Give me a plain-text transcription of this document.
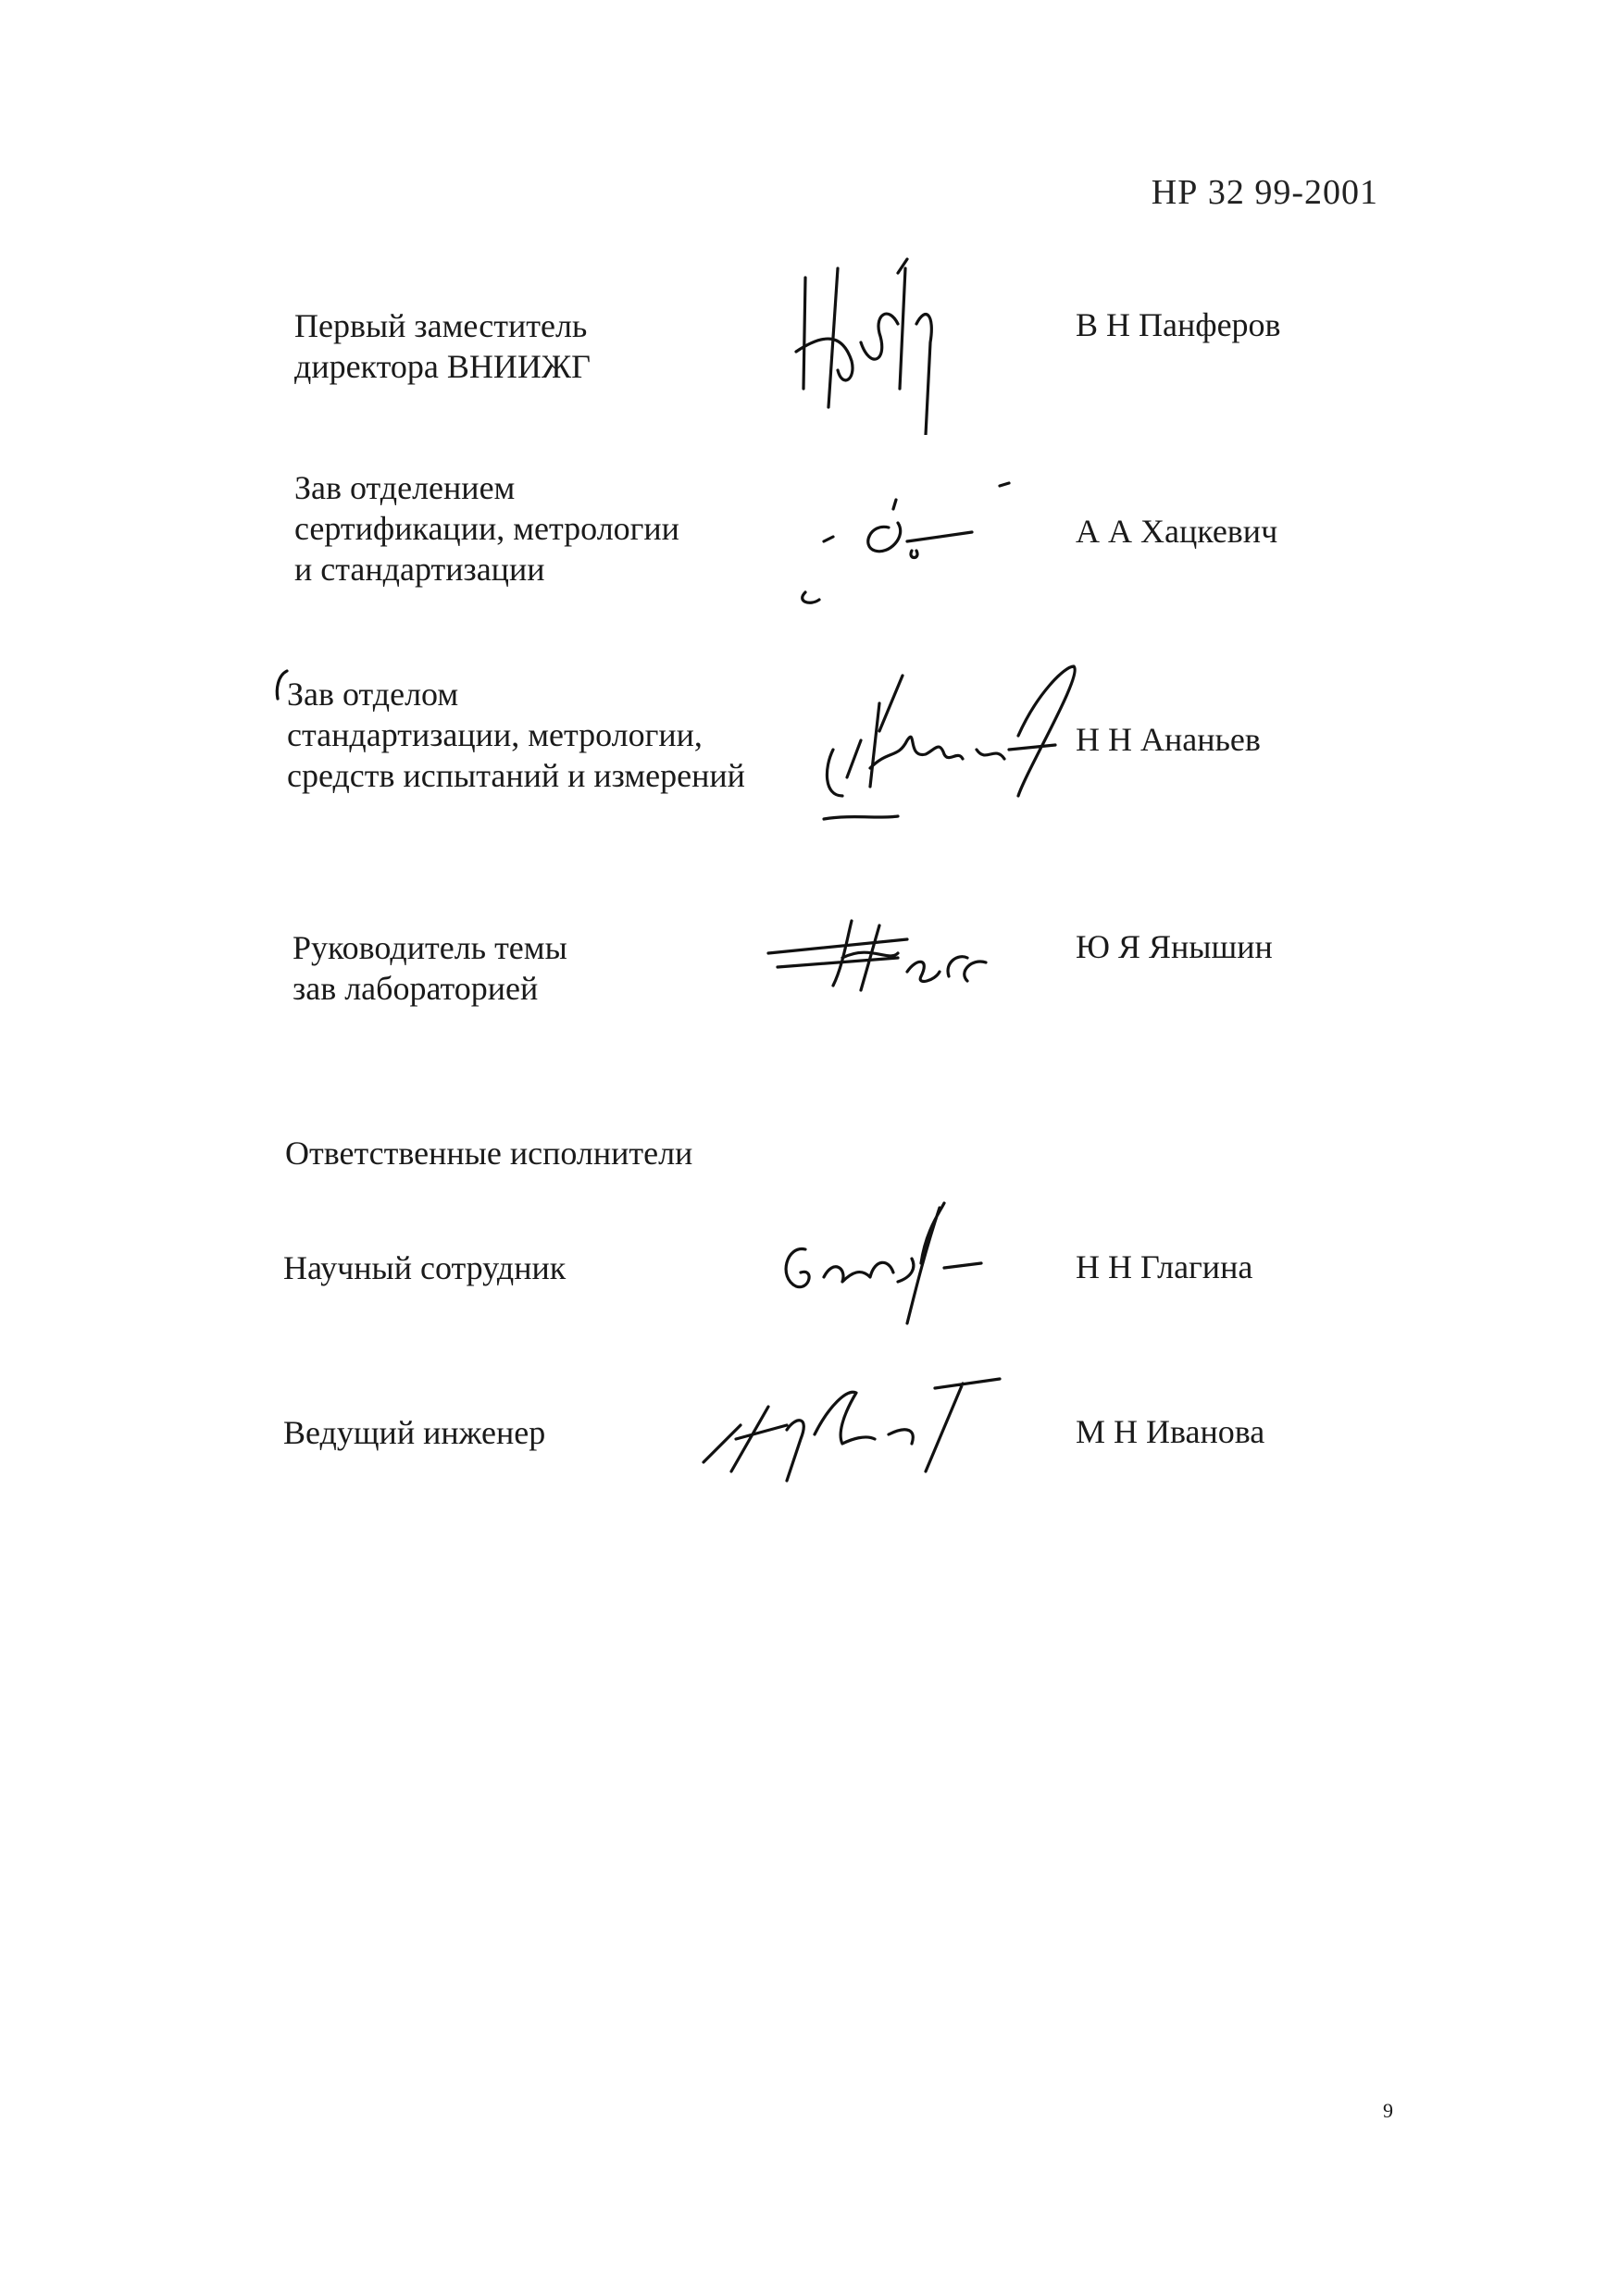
НР 32 99-2001
Первый заместитель
директора ВНИИЖГ
В Н Панферов
Зав отделением
сертификации, метрологии
и стандартизации
А А Хацкевич
Зав отделом
стандартизации, метрологии,
средств испытаний и измерений
Н Н Ананьев
Руководитель темы
зав лабораторией
Ю Я Янышин
Ответственные исполнители
Научный сотрудник	Н Н Глагина
Ведущий инженер	М Н Иванова
9
